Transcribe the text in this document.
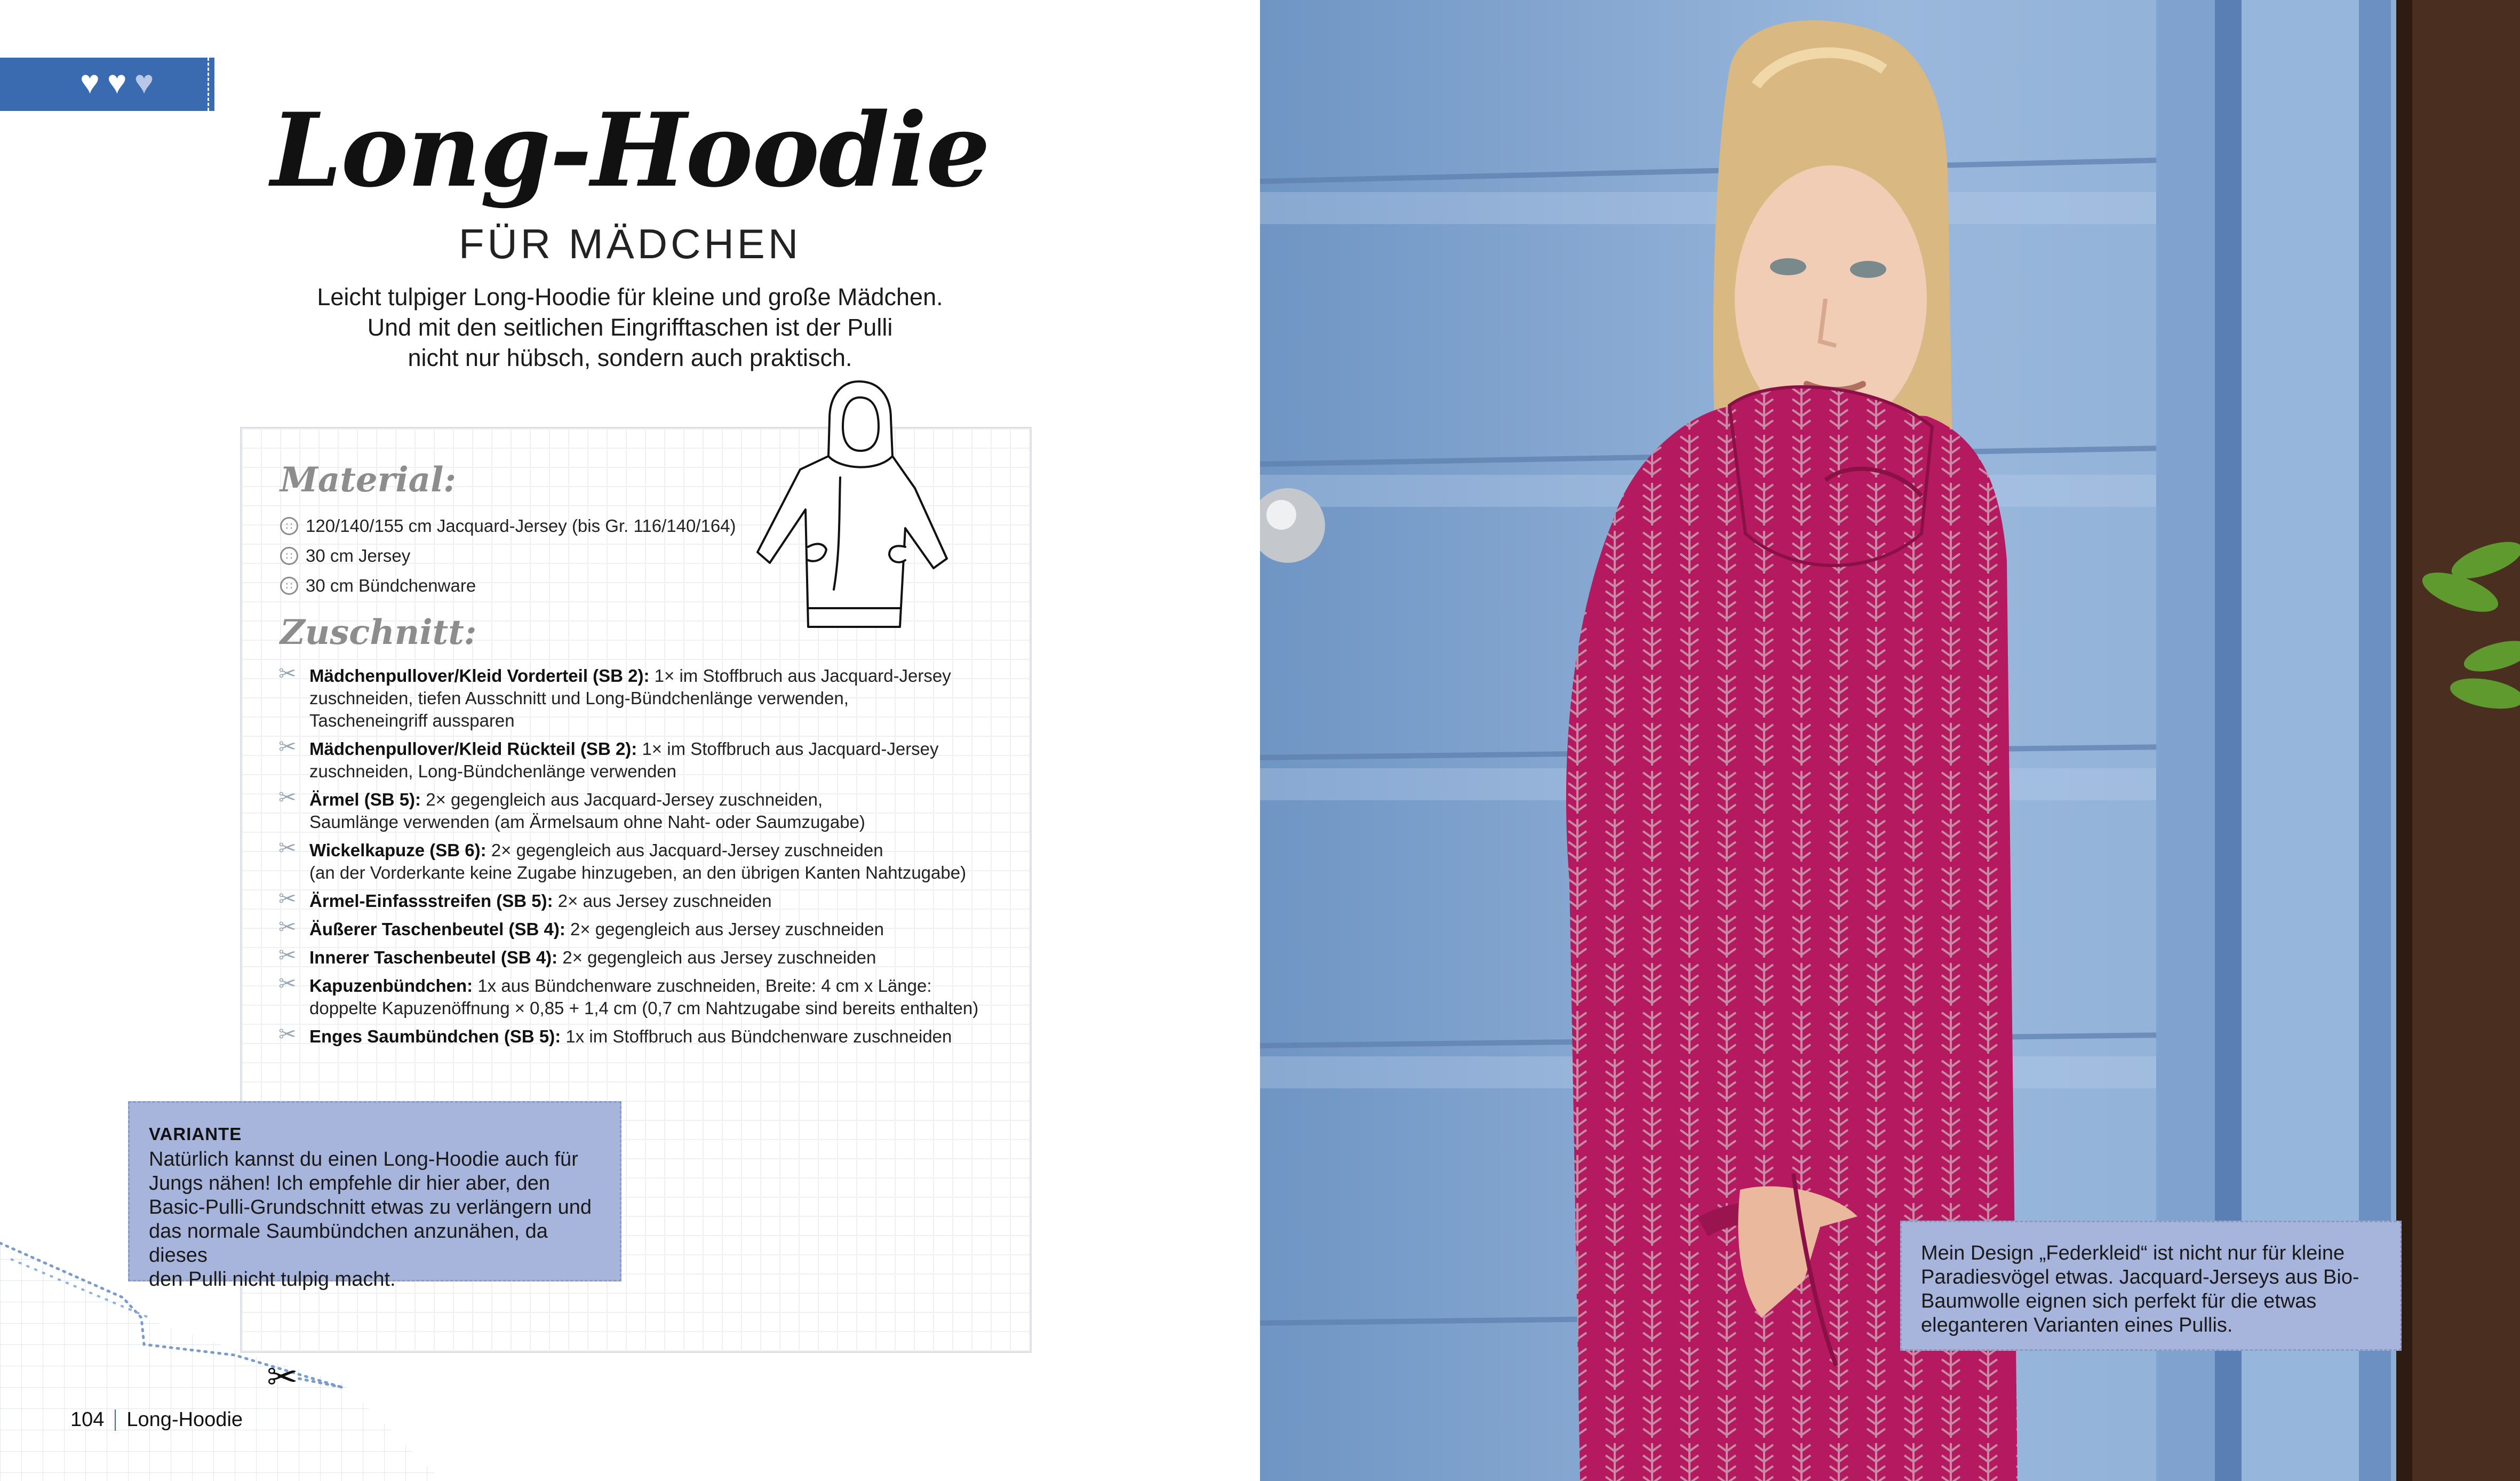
♥ ♥ ♥
Long-Hoodie
FÜR MÄDCHEN
Leicht tulpiger Long-Hoodie für kleine und große Mädchen.
Und mit den seitlichen Eingrifftaschen ist der Pulli
nicht nur hübsch, sondern auch praktisch.
Material:
∷ 120/140/155 cm Jacquard-Jersey (bis Gr. 116/140/164)
∷ 30 cm Jersey
∷ 30 cm Bündchenware
Zuschnitt:
✂ Mädchenpullover/Kleid Vorderteil (SB 2): 1× im Stoffbruch aus Jacquard-Jersey
zuschneiden, tiefen Ausschnitt und Long-Bündchenlänge verwenden,
Tascheneingriff aussparen
✂ Mädchenpullover/Kleid Rückteil (SB 2): 1× im Stoffbruch aus Jacquard-Jersey
zuschneiden, Long-Bündchenlänge verwenden
✂ Ärmel (SB 5): 2× gegengleich aus Jacquard-Jersey zuschneiden,
Saumlänge verwenden (am Ärmelsaum ohne Naht- oder Saumzugabe)
✂ Wickelkapuze (SB 6): 2× gegengleich aus Jacquard-Jersey zuschneiden
(an der Vorderkante keine Zugabe hinzugeben, an den übrigen Kanten Nahtzugabe)
✂ Ärmel-Einfassstreifen (SB 5): 2× aus Jersey zuschneiden
✂ Äußerer Taschenbeutel (SB 4): 2× gegengleich aus Jersey zuschneiden
✂ Innerer Taschenbeutel (SB 4): 2× gegengleich aus Jersey zuschneiden
✂ Kapuzenbündchen: 1x aus Bündchenware zuschneiden, Breite: 4 cm x Länge:
doppelte Kapuzenöffnung × 0,85 + 1,4 cm (0,7 cm Nahtzugabe sind bereits enthalten)
✂ Enges Saumbündchen (SB 5): 1x im Stoffbruch aus Bündchenware zuschneiden
✂
VARIANTE
Natürlich kannst du einen Long-Hoodie auch für
Jungs nähen! Ich empfehle dir hier aber, den
Basic-Pulli-Grundschnitt etwas zu verlängern und
das normale Saumbündchen anzunähen, da dieses
den Pulli nicht tulpig macht.
104 Long-Hoodie
Mein Design „Federkleid“ ist nicht nur für kleine
Paradiesvögel etwas. Jacquard-Jerseys aus Bio-
Baumwolle eignen sich perfekt für die etwas
eleganteren Varianten eines Pullis.
